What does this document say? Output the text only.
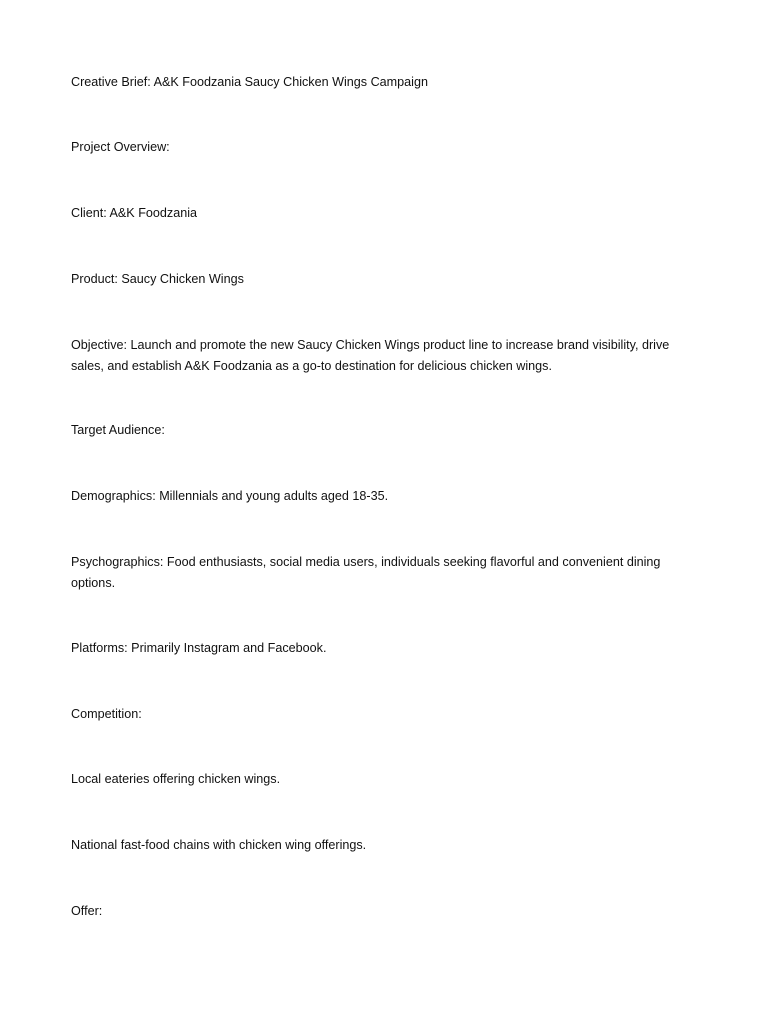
Creative Brief: A&K Foodzania Saucy Chicken Wings Campaign
Project Overview:
Client: A&K Foodzania
Product: Saucy Chicken Wings
Objective: Launch and promote the new Saucy Chicken Wings product line to increase brand visibility, drive
sales, and establish A&K Foodzania as a go-to destination for delicious chicken wings.
Target Audience:
Demographics: Millennials and young adults aged 18-35.
Psychographics: Food enthusiasts, social media users, individuals seeking flavorful and convenient dining
options.
Platforms: Primarily Instagram and Facebook.
Competition:
Local eateries offering chicken wings.
National fast-food chains with chicken wing offerings.
Offer:
